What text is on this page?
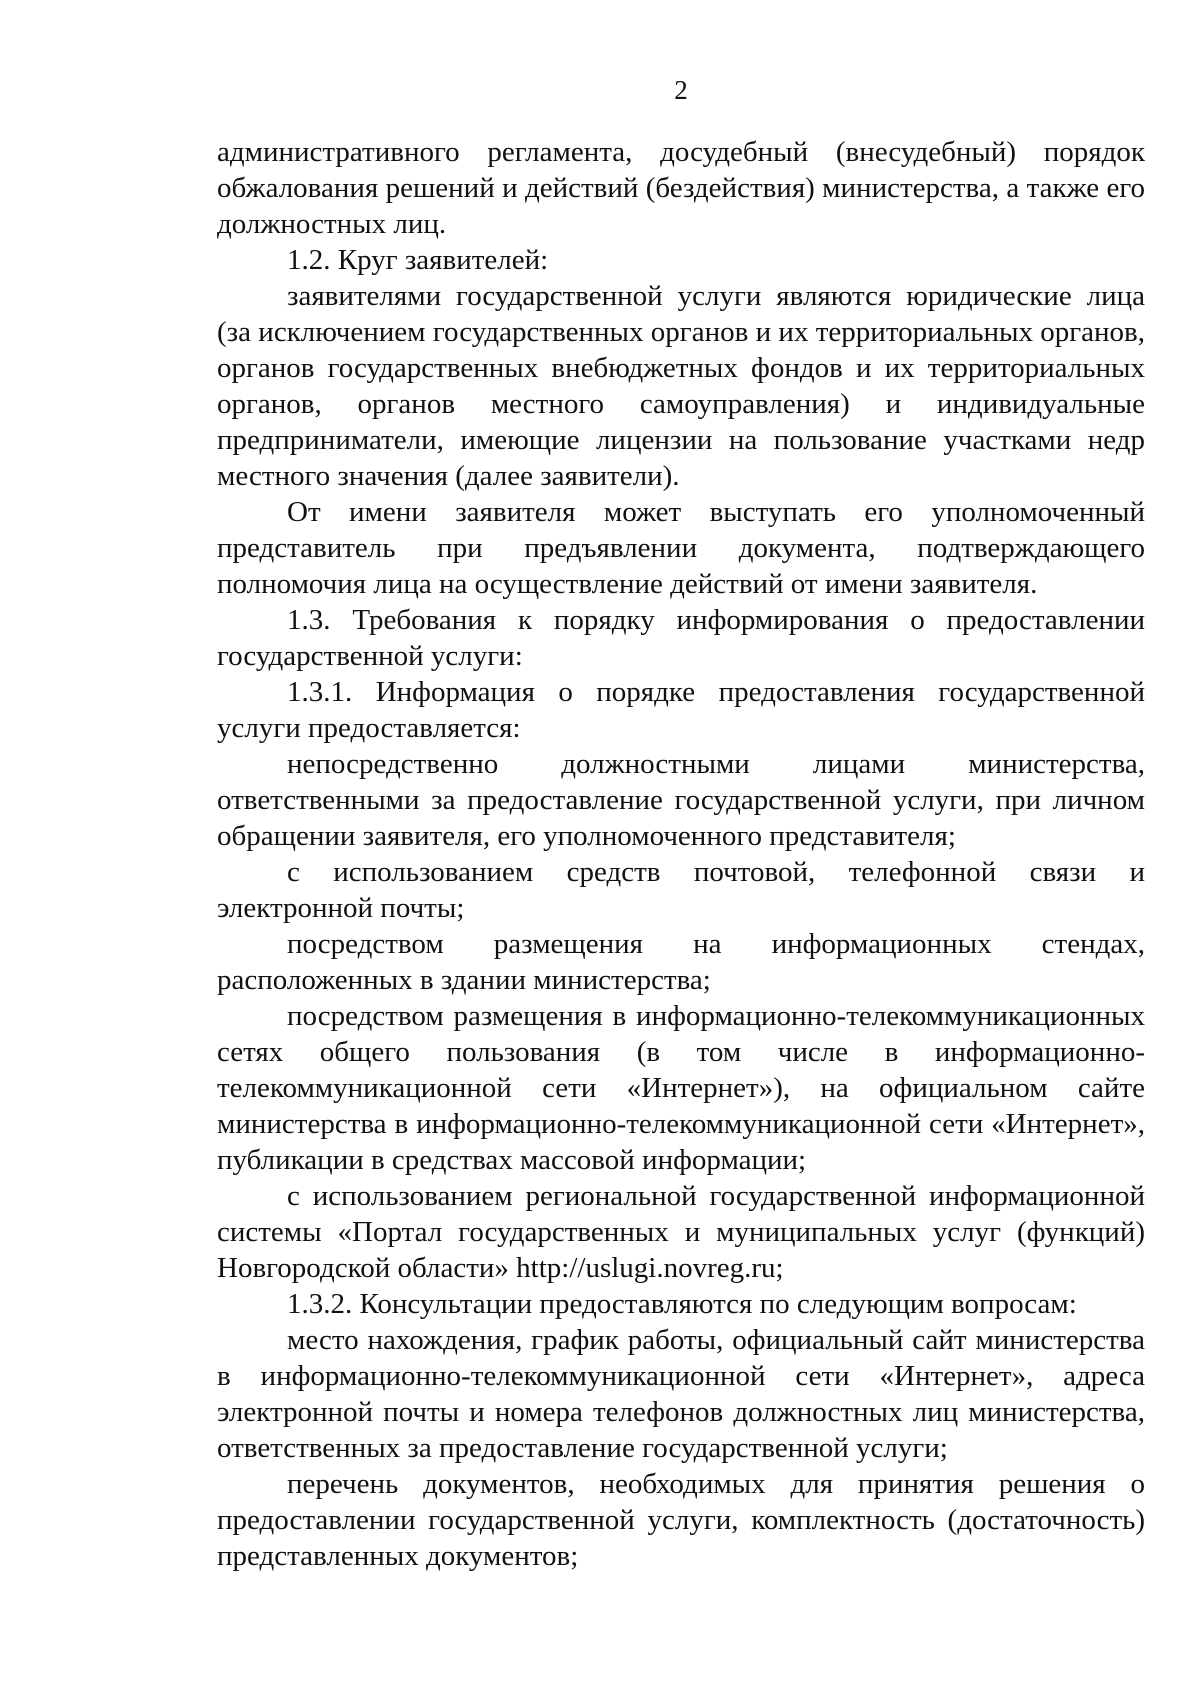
2

административного регламента, досудебный (внесудебный) порядок обжалования решений и действий (бездействия) министерства, а также его должностных лиц.

1.2. Круг заявителей:

заявителями государственной услуги являются юридические лица (за исключением государственных органов и их территориальных органов, органов государственных внебюджетных фондов и их территориальных органов, органов местного самоуправления) и индивидуальные предприниматели, имеющие лицензии на пользование участками недр местного значения (далее заявители).

От имени заявителя может выступать его уполномоченный представитель при предъявлении документа, подтверждающего полномочия лица на осуществление действий от имени заявителя.

1.3. Требования к порядку информирования о предоставлении государственной услуги:

1.3.1. Информация о порядке предоставления государственной услуги предоставляется:

непосредственно должностными лицами министерства, ответственными за предоставление государственной услуги, при личном обращении заявителя, его уполномоченного представителя;

с использованием средств почтовой, телефонной связи и электронной почты;

посредством размещения на информационных стендах, расположенных в здании министерства;

посредством размещения в информационно-телекоммуникационных сетях общего пользования (в том числе в информационно-телекоммуникационной сети «Интернет»), на официальном сайте министерства в информационно-телекоммуникационной сети «Интернет», публикации в средствах массовой информации;

с использованием региональной государственной информационной системы «Портал государственных и муниципальных услуг (функций) Новгородской области» http://uslugi.novreg.ru;

1.3.2. Консультации предоставляются по следующим вопросам:

место нахождения, график работы, официальный сайт министерства в информационно-телекоммуникационной сети «Интернет», адреса электронной почты и номера телефонов должностных лиц министерства, ответственных за предоставление государственной услуги;

перечень документов, необходимых для принятия решения о предоставлении государственной услуги, комплектность (достаточность) представленных документов;
